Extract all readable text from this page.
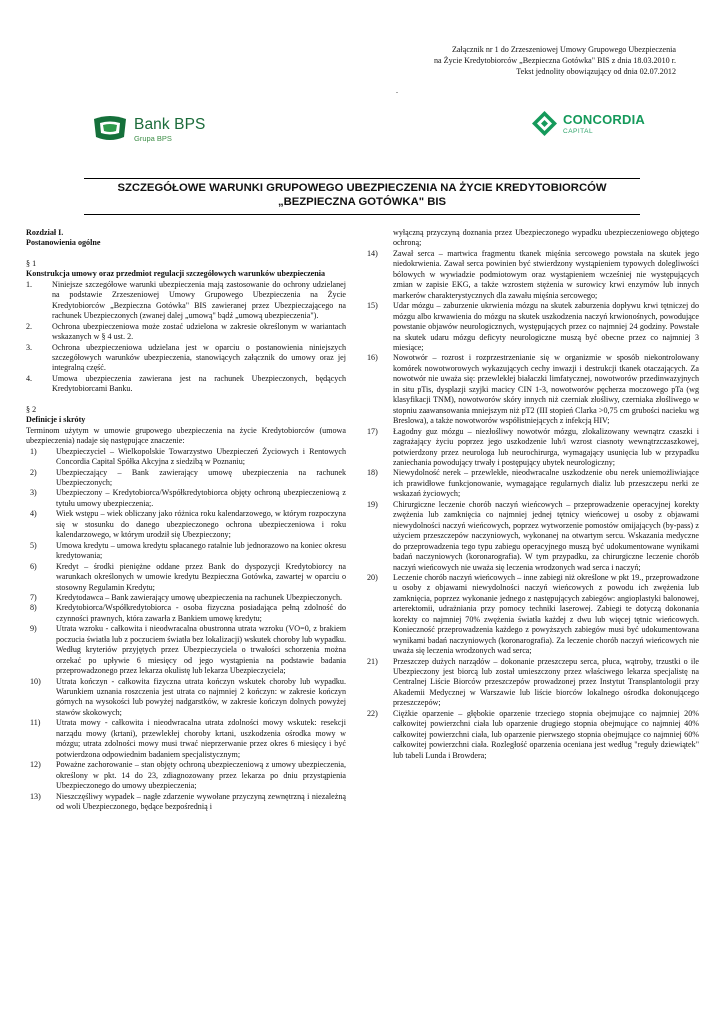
Załącznik nr 1 do Zrzeszeniowej Umowy Grupowego Ubezpieczenia
na Życie Kredytobiorców „Bezpieczna Gotówka" BIS z dnia 18.03.2010 r.
Tekst jednolity obowiązujący od dnia 02.07.2012
.
Bank BPS
Grupa BPS
CONCORDIA
CAPITAL
SZCZEGÓŁOWE WARUNKI GRUPOWEGO UBEZPIECZENIA NA ŻYCIE KREDYTOBIORCÓW
„BEZPIECZNA GOTÓWKA" BIS

Rozdział I.

Postanowienia ogólne

§ 1

Konstrukcja umowy oraz przedmiot regulacji szczegółowych warunków ubezpieczenia

1.	Niniejsze szczegółowe warunki ubezpieczenia mają zastosowanie do ochrony udzielanej na podstawie Zrzeszeniowej Umowy Grupowego Ubezpieczenia na Życie Kredytobiorców „Bezpieczna Gotówka" BIS zawieranej przez Ubezpieczającego na rachunek Ubezpieczonych (zwanej dalej „umową" bądź „umową ubezpieczenia").
2.	Ochrona ubezpieczeniowa może zostać udzielona w zakresie określonym w wariantach wskazanych w § 4 ust. 2.
3.	Ochrona ubezpieczeniowa udzielana jest w oparciu o postanowienia niniejszych szczegółowych warunków ubezpieczenia, stanowiących załącznik do umowy oraz jej integralną część.
4.	Umowa ubezpieczenia zawierana jest na rachunek Ubezpieczonych, będących Kredytobiorcami Banku.

§ 2

Definicje i skróty

Terminom użytym w umowie grupowego ubezpieczenia na życie Kredytobiorców (umowa ubezpieczenia) nadaje się następujące znaczenie:

1)	Ubezpieczyciel – Wielkopolskie Towarzystwo Ubezpieczeń Życiowych i Rentowych Concordia Capital Spółka Akcyjna z siedzibą w Poznaniu;
2)	Ubezpieczający – Bank zawierający umowę ubezpieczenia na rachunek Ubezpieczonych;
3)	Ubezpieczony – Kredytobiorca/Współkredytobiorca objęty ochroną ubezpieczeniową z tytułu umowy ubezpieczenia;.
4)	Wiek wstępu – wiek obliczany jako różnica roku kalendarzowego, w którym rozpoczyna się w stosunku do danego ubezpieczonego ochrona ubezpieczeniowa i roku kalendarzowego, w którym urodził się Ubezpieczony;
5)	Umowa kredytu – umowa kredytu spłacanego ratalnie lub jednorazowo na koniec okresu kredytowania;
6)	Kredyt – środki pieniężne oddane przez Bank do dyspozycji Kredytobiorcy na warunkach określonych w umowie kredytu Bezpieczna Gotówka, zawartej w oparciu o stosowny Regulamin Kredytu;
7)	Kredytodawca – Bank zawierający umowę ubezpieczenia na rachunek Ubezpieczonych.
8)	Kredytobiorca/Współkredytobiorca - osoba fizyczna posiadająca pełną zdolność do czynności prawnych, która zawarła z Bankiem umowę kredytu;
9)	Utrata wzroku - całkowita i nieodwracalna obustronna utrata wzroku (VO=0, z brakiem poczucia światła lub z poczuciem światła bez lokalizacji) wskutek choroby lub wypadku. Według kryteriów przyjętych przez Ubezpieczyciela o trwałości schorzenia można orzekać po upływie 6 miesięcy od jego wystąpienia na podstawie badania przeprowadzonego przez lekarza okulistę lub lekarza Ubezpieczyciela;
10)	Utrata kończyn - całkowita fizyczna utrata kończyn wskutek choroby lub wypadku. Warunkiem uznania roszczenia jest utrata co najmniej 2 kończyn: w zakresie kończyn górnych na wysokości lub powyżej nadgarstków, w zakresie kończyn dolnych powyżej stawów skokowych;
11)	Utrata mowy - całkowita i nieodwracalna utrata zdolności mowy wskutek: resekcji narządu mowy (krtani), przewlekłej choroby krtani, uszkodzenia ośrodka mowy w mózgu; utrata zdolności mowy musi trwać nieprzerwanie przez okres 6 miesięcy i być potwierdzona odpowiednim badaniem specjalistycznym;
12)	Poważne zachorowanie – stan objęty ochroną ubezpieczeniową z umowy ubezpieczenia, określony w pkt. 14 do 23, zdiagnozowany przez lekarza po dniu przystąpienia Ubezpieczonego do umowy ubezpieczenia;
13)	Nieszczęśliwy wypadek – nagłe zdarzenie wywołane przyczyną zewnętrzną i niezależną od woli Ubezpieczonego, będące bezpośrednią i
wyłączną przyczyną doznania przez Ubezpieczonego wypadku ubezpieczeniowego objętego ochroną;
14)	Zawał serca – martwica fragmentu tkanek mięśnia sercowego powstała na skutek jego niedokrwienia. Zawał serca powinien być stwierdzony wystąpieniem typowych dolegliwości bólowych w wywiadzie podmiotowym oraz wystąpieniem wcześniej nie występujących zmian w zapisie EKG, a także wzrostem stężenia w surowicy krwi enzymów lub innych markerów charakterystycznych dla zawału mięśnia sercowego;
15)	Udar mózgu – zaburzenie ukrwienia mózgu na skutek zaburzenia dopływu krwi tętniczej do mózgu albo krwawienia do mózgu na skutek uszkodzenia naczyń krwionośnych, powodujące powstanie objawów neurologicznych, występujących przez co najmniej 24 godziny. Powstałe na skutek udaru mózgu deficyty neurologiczne muszą być obecne przez co najmniej 3 miesiące;
16)	Nowotwór – rozrost i rozprzestrzenianie się w organizmie w sposób niekontrolowany komórek nowotworowych wykazujących cechy inwazji i destrukcji tkanek otaczających. Za nowotwór nie uważa się: przewlekłej białaczki limfatycznej, nowotworów przedinwazyjnych in situ pTis, dysplazji szyjki macicy CIN 1-3, nowotworów pęcherza moczowego pTa (wg klasyfikacji TNM), nowotworów skóry innych niż czerniak złośliwy, czerniaka złośliwego w stopniu zaawansowania mniejszym niż pT2 (III stopień Clarka >0,75 cm grubości nacieku wg Breslowa), a także nowotworów współistniejących z infekcją HIV;
17)	Łagodny guz mózgu – niezłośliwy nowotwór mózgu, zlokalizowany wewnątrz czaszki i zagrażający życiu poprzez jego uszkodzenie lub/i wzrost ciasnoty wewnątrzczaszkowej, potwierdzony przez neurologa lub neurochirurga, wymagający usunięcia lub w przypadku zaniechania powodujący trwały i postępujący ubytek neurologiczny;
18)	Niewydolność nerek – przewlekłe, nieodwracalne uszkodzenie obu nerek uniemożliwiające ich prawidłowe funkcjonowanie, wymagające regularnych dializ lub przeszczepu nerki ze wskazań życiowych;
19)	Chirurgiczne leczenie chorób naczyń wieńcowych – przeprowadzenie operacyjnej korekty zwężenia lub zamknięcia co najmniej jednej tętnicy wieńcowej u osoby z objawami niewydolności naczyń wieńcowych, poprzez wytworzenie pomostów omijających (by-pass) z użyciem przeszczepów naczyniowych, wykonanej na otwartym sercu. Wskazania medyczne do przeprowadzenia tego typu zabiegu operacyjnego muszą być udokumentowane wynikami badań naczyniowych (koronarografia). W tym przypadku, za chirurgiczne leczenie chorób naczyń wieńcowych nie uważa się leczenia wrodzonych wad serca i naczyń;
20)	Leczenie chorób naczyń wieńcowych – inne zabiegi niż określone w pkt 19., przeprowadzone u osoby z objawami niewydolności naczyń wieńcowych z powodu ich zwężenia lub zamknięcia, poprzez wykonanie jednego z następujących zabiegów: angioplastyki balonowej, arterektomii, udrażniania przy pomocy techniki laserowej. Zabiegi te dotyczą dokonania korekty co najmniej 70% zwężenia światła każdej z dwu lub więcej tętnic wieńcowych. Konieczność przeprowadzenia każdego z powyższych zabiegów musi być udokumentowana wynikami badań naczyniowych (koronarografia). Za leczenie chorób naczyń wieńcowych nie uważa się leczenia wrodzonych wad serca;
21)	Przeszczep dużych narządów – dokonanie przeszczepu serca, płuca, wątroby, trzustki o ile Ubezpieczony jest biorcą lub został umieszczony przez właściwego lekarza specjalistę na Centralnej Liście Biorców przeszczepów prowadzonej przez Instytut Transplantologii przy Akademii Medycznej w Warszawie lub liście biorców lokalnego ośrodka dokonującego przeszczepów;
22)	Ciężkie oparzenie – głębokie oparzenie trzeciego stopnia obejmujące co najmniej 20% całkowitej powierzchni ciała lub oparzenie drugiego stopnia obejmujące co najmniej 40% całkowitej powierzchni ciała, lub oparzenie pierwszego stopnia obejmujące co najmniej 60% całkowitej powierzchni ciała. Rozległość oparzenia oceniana jest według "reguły dziewiątek" lub tabeli Lunda i Browdera;
